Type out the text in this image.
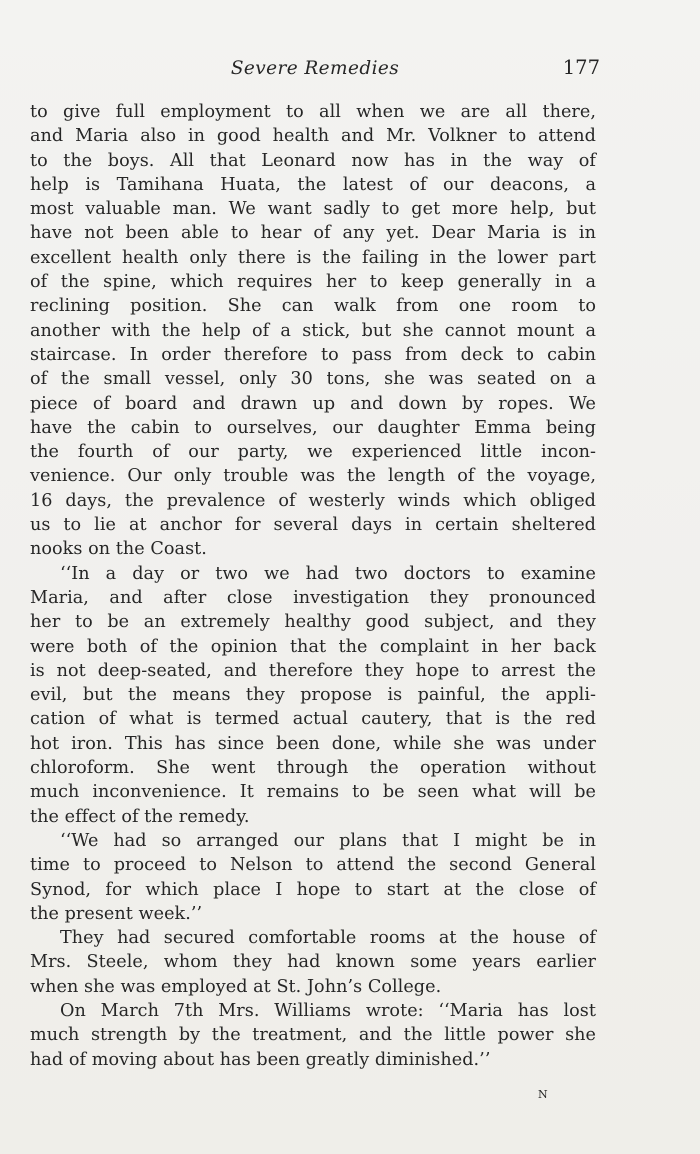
Severe Remedies	177
to give full employment to all when we are all there,
and Maria also in good health and Mr. Volkner to attend
to the boys. All that Leonard now has in the way of
help is Tamihana Huata, the latest of our deacons, a
most valuable man. We want sadly to get more help, but
have not been able to hear of any yet. Dear Maria is in
excellent health only there is the failing in the lower part
of the spine, which requires her to keep generally in a
reclining position. She can walk from one room to
another with the help of a stick, but she cannot mount a
staircase. In order therefore to pass from deck to cabin
of the small vessel, only 30 tons, she was seated on a
piece of board and drawn up and down by ropes. We
have the cabin to ourselves, our daughter Emma being
the fourth of our party, we experienced little incon-
venience. Our only trouble was the length of the voyage,
16 days, the prevalence of westerly winds which obliged
us to lie at anchor for several days in certain sheltered
nooks on the Coast.
‘‘In a day or two we had two doctors to examine
Maria, and after close investigation they pronounced
her to be an extremely healthy good subject, and they
were both of the opinion that the complaint in her back
is not deep-seated, and therefore they hope to arrest the
evil, but the means they propose is painful, the appli-
cation of what is termed actual cautery, that is the red
hot iron. This has since been done, while she was under
chloroform. She went through the operation without
much inconvenience. It remains to be seen what will be
the effect of the remedy.
‘‘We had so arranged our plans that I might be in
time to proceed to Nelson to attend the second General
Synod, for which place I hope to start at the close of
the present week.’’
They had secured comfortable rooms at the house of
Mrs. Steele, whom they had known some years earlier
when she was employed at St. John’s College.
On March 7th Mrs. Williams wrote: ‘‘Maria has lost
much strength by the treatment, and the little power she
had of moving about has been greatly diminished.’’
N
